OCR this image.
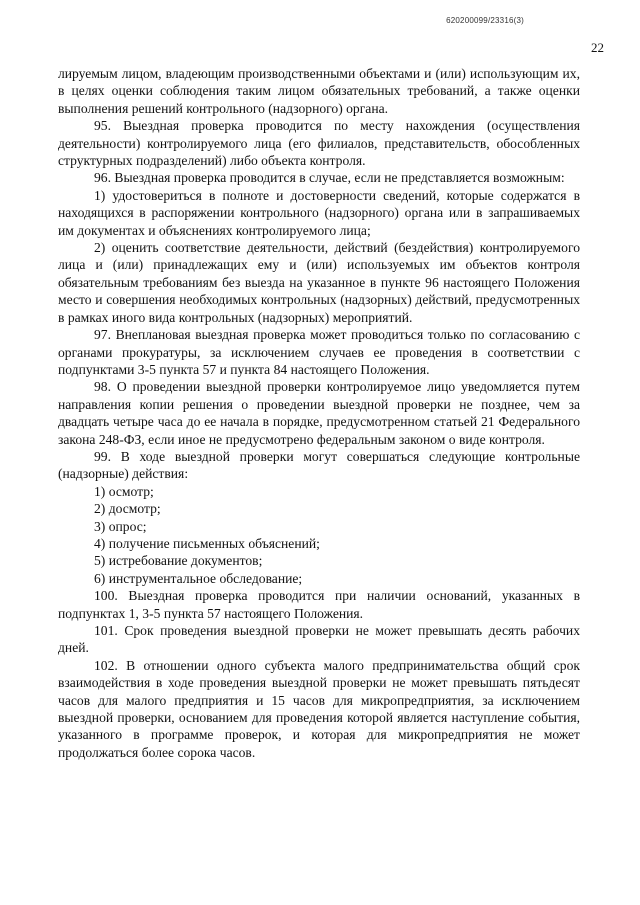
620200099/23316(3)
22

лируемым лицом, владеющим производственными объектами и (или) использующим их, в целях оценки соблюдения таким лицом обязательных требований, а также оценки выполнения решений контрольного (надзорного) органа.

95. Выездная проверка проводится по месту нахождения (осуществления деятельности) контролируемого лица (его филиалов, представительств, обособленных структурных подразделений) либо объекта контроля.

96. Выездная проверка проводится в случае, если не представляется возможным:

1) удостовериться в полноте и достоверности сведений, которые содержатся в находящихся в распоряжении контрольного (надзорного) органа или в запрашиваемых им документах и объяснениях контролируемого лица;

2) оценить соответствие деятельности, действий (бездействия) контролируемого лица и (или) принадлежащих ему и (или) используемых им объектов контроля обязательным требованиям без выезда на указанное в пункте 96 настоящего Положения место и совершения необходимых контрольных (надзорных) действий, предусмотренных в рамках иного вида контрольных (надзорных) мероприятий.

97. Внеплановая выездная проверка может проводиться только по согласованию с органами прокуратуры, за исключением случаев ее проведения в соответствии с подпунктами 3-5 пункта 57 и пункта 84 настоящего Положения.

98. О проведении выездной проверки контролируемое лицо уведомляется путем направления копии решения о проведении выездной проверки не позднее, чем за двадцать четыре часа до ее начала в порядке, предусмотренном статьей 21 Федерального закона 248-ФЗ, если иное не предусмотрено федеральным законом о виде контроля.

99. В ходе выездной проверки могут совершаться следующие контрольные (надзорные) действия:

1) осмотр;

2) досмотр;

3) опрос;

4) получение письменных объяснений;

5) истребование документов;

6) инструментальное обследование;

100. Выездная проверка проводится при наличии оснований, указанных в подпунктах 1, 3-5 пункта 57 настоящего Положения.

101. Срок проведения выездной проверки не может превышать десять рабочих дней.

102. В отношении одного субъекта малого предпринимательства общий срок взаимодействия в ходе проведения выездной проверки не может превышать пятьдесят часов для малого предприятия и 15 часов для микропредприятия, за исключением выездной проверки, основанием для проведения которой является наступление события, указанного в программе проверок, и которая для микропредприятия не может продолжаться более сорока часов.
